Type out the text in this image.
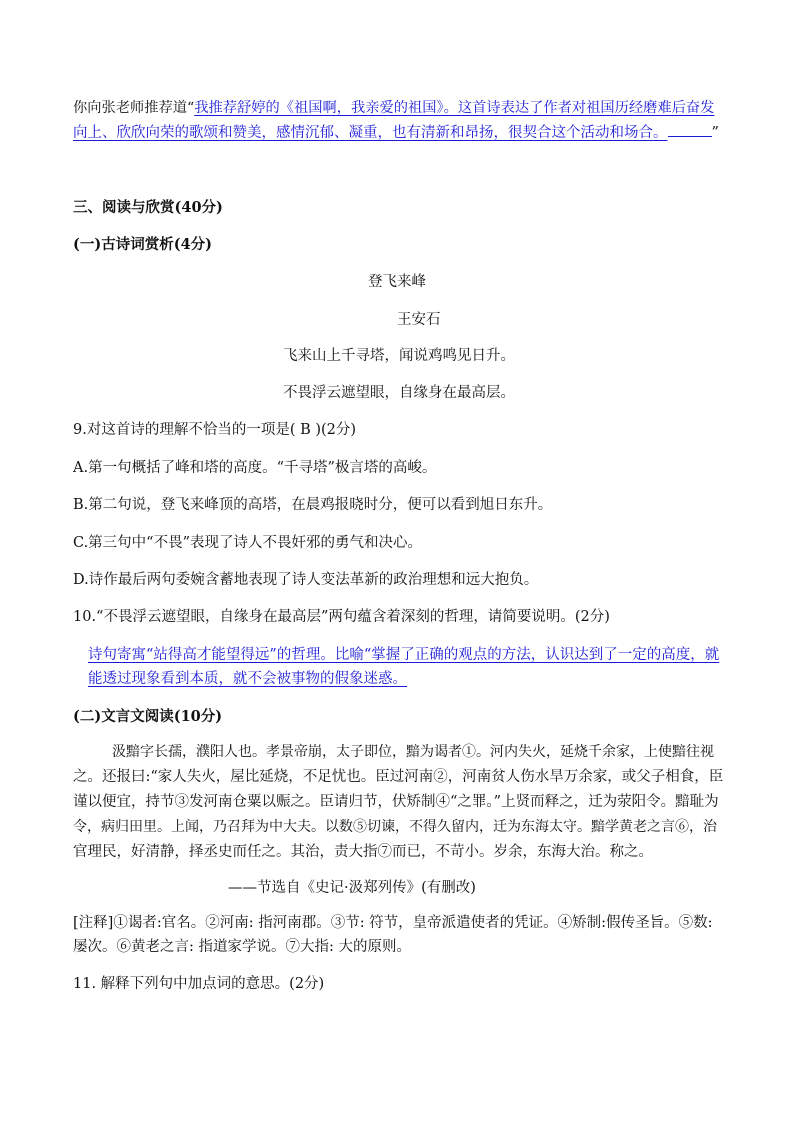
你向张老师推荐道“我推荐舒婷的《祖国啊，我亲爱的祖国》。这首诗表达了作者对祖国历经磨难后奋发
向上、欣欣向荣的歌颂和赞美，感情沉郁、凝重，也有清新和昂扬，很契合这个活动和场合。	”
三、阅读与欣赏(40分)
(一)古诗词赏析(4分)
登飞来峰
王安石
飞来山上千寻塔，闻说鸡鸣见日升。
不畏浮云遮望眼，自缘身在最高层。
9.对这首诗的理解不恰当的一项是( B )(2分)
A.第一句概括了峰和塔的高度。“千寻塔”极言塔的高峻。
B.第二句说，登飞来峰顶的高塔，在晨鸡报晓时分，便可以看到旭日东升。
C.第三句中“不畏”表现了诗人不畏奸邪的勇气和决心。
D.诗作最后两句委婉含蓄地表现了诗人变法革新的政治理想和远大抱负。
10.“不畏浮云遮望眼，自缘身在最高层”两句蕴含着深刻的哲理，请简要说明。(2分)
诗句寄寓“站得高才能望得远”的哲理。比喻“掌握了正确的观点的方法，认识达到了一定的高度，就
能透过现象看到本质，就不会被事物的假象迷惑。
(二)文言文阅读(10分)
汲黯字长孺，濮阳人也。孝景帝崩，太子即位，黯为谒者①。河内失火，延烧千余家，上使黯往视
之。还报曰:“家人失火，屋比延烧，不足忧也。臣过河南②，河南贫人伤水旱万余家，或父子相食，臣
谨以便宜，持节③发河南仓粟以赈之。臣请归节，伏矫制④“之罪。”上贤而释之，迁为荥阳令。黯耻为
令，病归田里。上闻，乃召拜为中大夫。以数⑤切谏，不得久留内，迁为东海太守。黯学黄老之言⑥，治
官理民，好清静，择丞史而任之。其治，责大指⑦而已，不苛小。岁余，东海大治。称之。
——节选自《史记·汲郑列传》(有删改)
[注释]①谒者:官名。②河南: 指河南郡。③节: 符节，皇帝派遣使者的凭证。④矫制:假传圣旨。⑤数:
屡次。⑥黄老之言: 指道家学说。⑦大指: 大的原则。
11. 解释下列句中加点词的意思。(2分)
